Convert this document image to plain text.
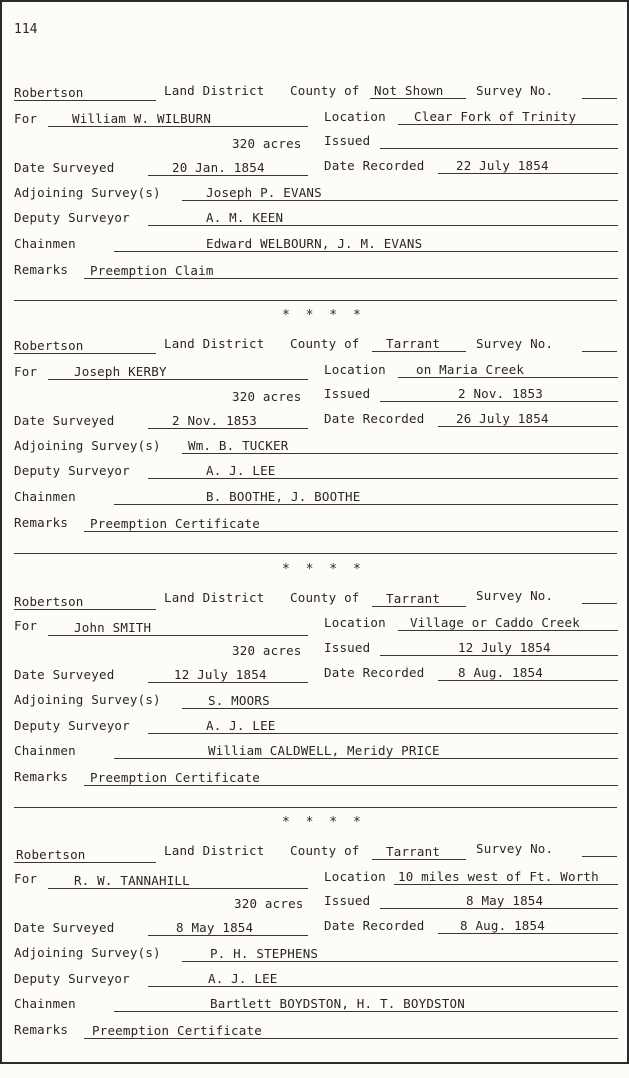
114
Robertson	Land District County of Not Shown	Survey No.
For	William W. WILBURN	Location Clear Fork of Trinity
320 acres Issued
Date Surveyed	20 Jan. 1854	Date Recorded	22 July 1854
Adjoining Survey(s)	Joseph P. EVANS
Deputy Surveyor	A. M. KEEN
Chainmen	Edward WELBOURN, J. M. EVANS
Remarks Preemption Claim
* * * *
Robertson	Land District County of Tarrant	Survey No.
For	Joseph KERBY	Location on Maria Creek
320 acres Issued	2 Nov. 1853
Date Surveyed	2 Nov. 1853	Date Recorded	26 July 1854
Adjoining Survey(s) Wm. B. TUCKER
Deputy Surveyor	A. J. LEE
Chainmen	B. BOOTHE, J. BOOTHE
Remarks Preemption Certificate
* * * *
Robertson	Land District County of Tarrant	Survey No.
For	John SMITH	Location Village or Caddo Creek
320 acres Issued	12 July 1854
Date Surveyed	12 July 1854	Date Recorded	8 Aug. 1854
Adjoining Survey(s)	S. MOORS
Deputy Surveyor	A. J. LEE
Chainmen	William CALDWELL, Meridy PRICE
Remarks Preemption Certificate
* * * *
Robertson	Land District County of Tarrant	Survey No.
For	R. W. TANNAHILL	Location 10 miles west of Ft. Worth
320 acres Issued	8 May 1854
Date Surveyed	8 May 1854	Date Recorded	8 Aug. 1854
Adjoining Survey(s)	P. H. STEPHENS
Deputy Surveyor	A. J. LEE
Chainmen	Bartlett BOYDSTON, H. T. BOYDSTON
Remarks Preemption Certificate
